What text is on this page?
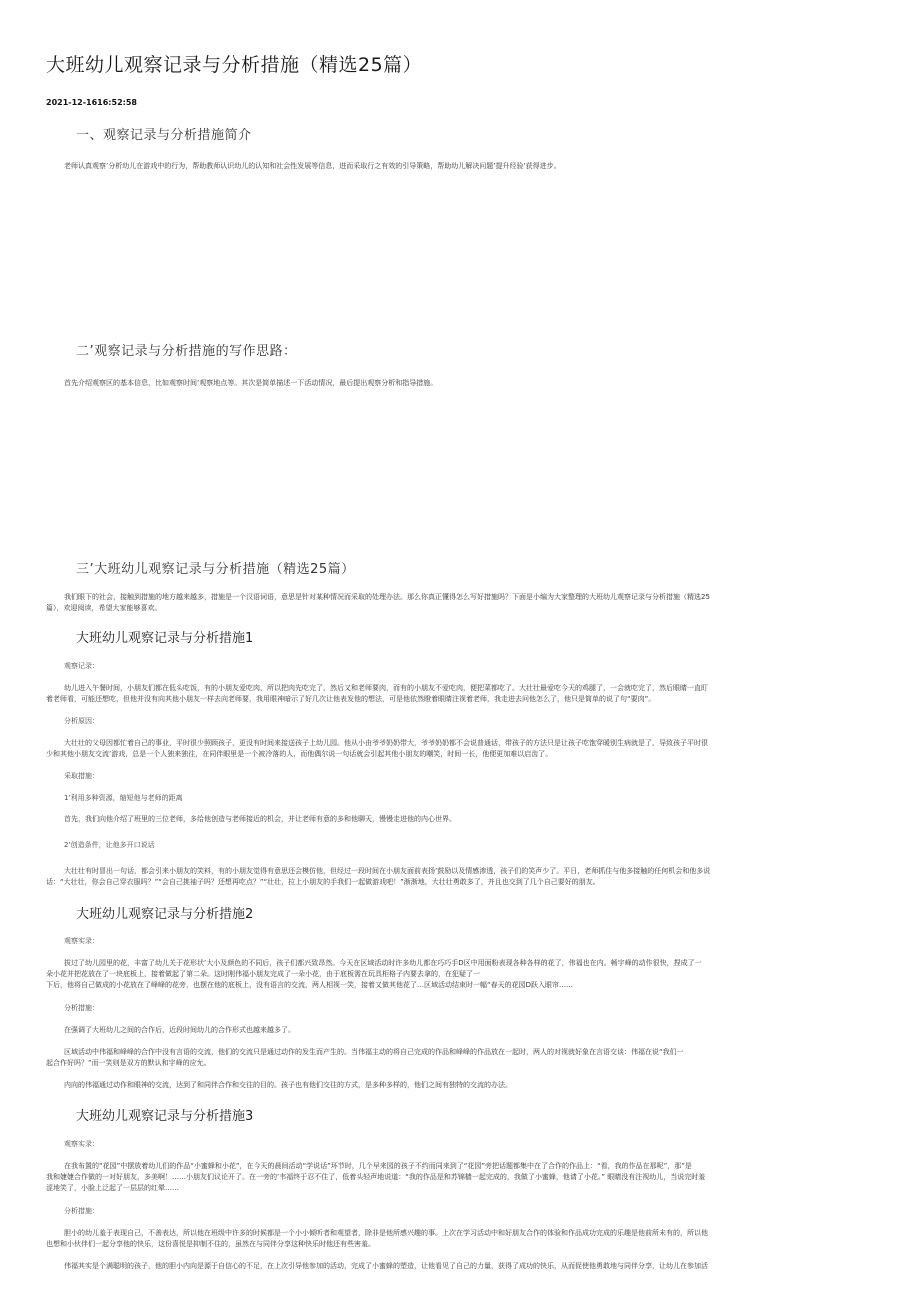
大班幼儿观察记录与分析措施（精选25篇）
2021-12-1616:52:58
一、观察记录与分析措施简介
老师认真观察’分析幼儿在游戏中的行为，帮助教师认识幼儿的认知和社会性发展等信息，进而采取行之有效的引导策略，帮助幼儿解决问题’提升经验’获得进步。
二’观察记录与分析措施的写作思路：
首先介绍观察区的基本信息，比如观察时间’观察地点等。其次是简单描述一下活动情况，最后提出观察分析和指导措施。
三’大班幼儿观察记录与分析措施（精选25篇）
我们眼下的社会，接触到措施的地方越来越多，措施是一个汉语词语，意思是针对某种情况而采取的处理办法。那么你真正懂得怎么写好措施吗？下面是小编为大家整理的大班幼儿观察记录与分析措施（精选25
篇），欢迎阅读，希望大家能够喜欢。
大班幼儿观察记录与分析措施1
观察记录：
幼儿进入午餐时间，小朋友们都在低头吃饭，有的小朋友爱吃肉，所以把肉先吃完了，然后又和老师要肉，而有的小朋友不爱吃肉，便把菜都吃了。大壮壮最爱吃今天的鸡腿了，一会就吃完了，然后眼睛一直盯
着老师看，可能还想吃，但他并没有向其他小朋友一样去向老师要，我用眼神暗示了好几次让他表发他的想法，可是他依然瞪着眼睛注视着老师，我走进去问他怎么了，他只是简单的说了句“要肉”。
分析原因：
大壮壮的父母因都忙着自己的事业，平时很少照顾孩子，更没有时间来接送孩子上幼儿园。他从小由爷爷奶奶带大，爷爷奶奶都不会说普通话，带孩子的方法只是让孩子吃饱穿暖别生病就是了，导致孩子平时很
少和其他小朋友交流’游戏，总是一个人独来独往，在同伴眼里是一个被冷落的人，而他偶尔说一句话就会引起其他小朋友的嘲笑，时间一长，他便更加难以启齿了。
采取措施：
1’利用多种资源，缩短他与老师的距离
首先，我们向他介绍了班里的三位老师，多给他创造与老师接近的机会，并让老师有意的多和他聊天，慢慢走进他的内心世界。
2’创造条件，让他多开口说话
大壮壮有时冒出一句话，都会引来小朋友的笑料，有的小朋友觉得有意思还会模仿他，但经过一段时间在小朋友面前表扬’鼓励以及情感渗透，孩子们的笑声少了。平日，老师抓住与他多接触的任何机会和他多说
话：“大壮壮，你会自己穿衣服吗？”“会自己挑袖子吗？还想再吃点？”“壮壮，拉上小朋友的手我们一起做游戏吧！”渐渐地，大壮壮勇敢多了，并且也交到了几个自己要好的朋友。
大班幼儿观察记录与分析措施2
观察实录：
拔过了幼儿园里的花，丰富了幼儿关于花形状’大小及颜色的不同后，孩子们都兴致昂然。今天在区域活动时许多幼儿都在巧巧手D区中用面粉表现各种各样的花了，伟福也在内。畅宇峰的动作很快，捏成了一
朵小花并把花放在了一块底板上，接着做起了第二朵。这时刚伟福小朋友完成了一朵小花，由于底板需在玩具柜格子内要去拿的，在犯疑了一
下后，他将自己做成的小花放在了峰峰的花旁，也摆在他的底板上，没有语言的交流，两人相视一笑，接着又做其他花了…区域活动结束时一幅“春天的花园D跃入眼帘……
分析措施：
在强调了大班幼儿之间的合作后，近段时间幼儿的合作形式也越来越多了。
区域活动中伟福和峰峰的合作中没有言语的交流，他们的交流只是通过动作的发生而产生的。当伟福主动的将自己完成的作品和峰峰的作品放在一起时，两人的对视就好象在言语交谈：伟福在说“我们一
起合作好吗？”而一笑则是双方的默认和宇峰的应允。
内向的伟福通过动作和眼神的交流，达到了和同伴合作和交往的目的。孩子也有他们交往的方式，是多种多样的，他们之间有独特的交流的办法。
大班幼儿观察记录与分析措施3
观察实录：
在我布置的“花园”中摆放着幼儿们的作品“小蜜蜂和小花”，在今天的晨间活动“学说话”环节时，几个早来园的孩子不约而同来到了“花园”旁把话题都集中在了合作的作品上：“看，我的作品在那呢”，那”是
我和婕婕合作做的一对好朋友，多美啊！……小朋友们议论开了。在一旁的’韦福终于忍不住了，低着头轻声地说道：“我的作品是和苏锦樯一起完成的，我做了小蜜蜂，他请了小花。” 眼睛没有注视幼儿，当说完时羞
涩地笑了，小脸上泛起了一层层的红晕……
分析措施：
胆小的幼儿羞于表现自己，不善表达，所以他在班级中许多的时候都是一个小小倾听者和观望者，除非是他所感兴趣的事。上次在学习活动中和好朋友合作的体验和作品成功完成的乐趣是他前所未有的，所以他
也想和小伙伴们一起分享他的快乐，这份喜悦是抑制不住的，虽然在与同伴分享这种快乐时他还有些害羞。
伟福其实是个满聪明的孩子，他的胆小内向是源于自信心的不足，在上次引导他参加的活动，完成了小蜜蜂的塑造，让他看见了自己的力量，获得了成功的快乐，从而促使他勇敢地与同伴分享，让幼儿在参加活
